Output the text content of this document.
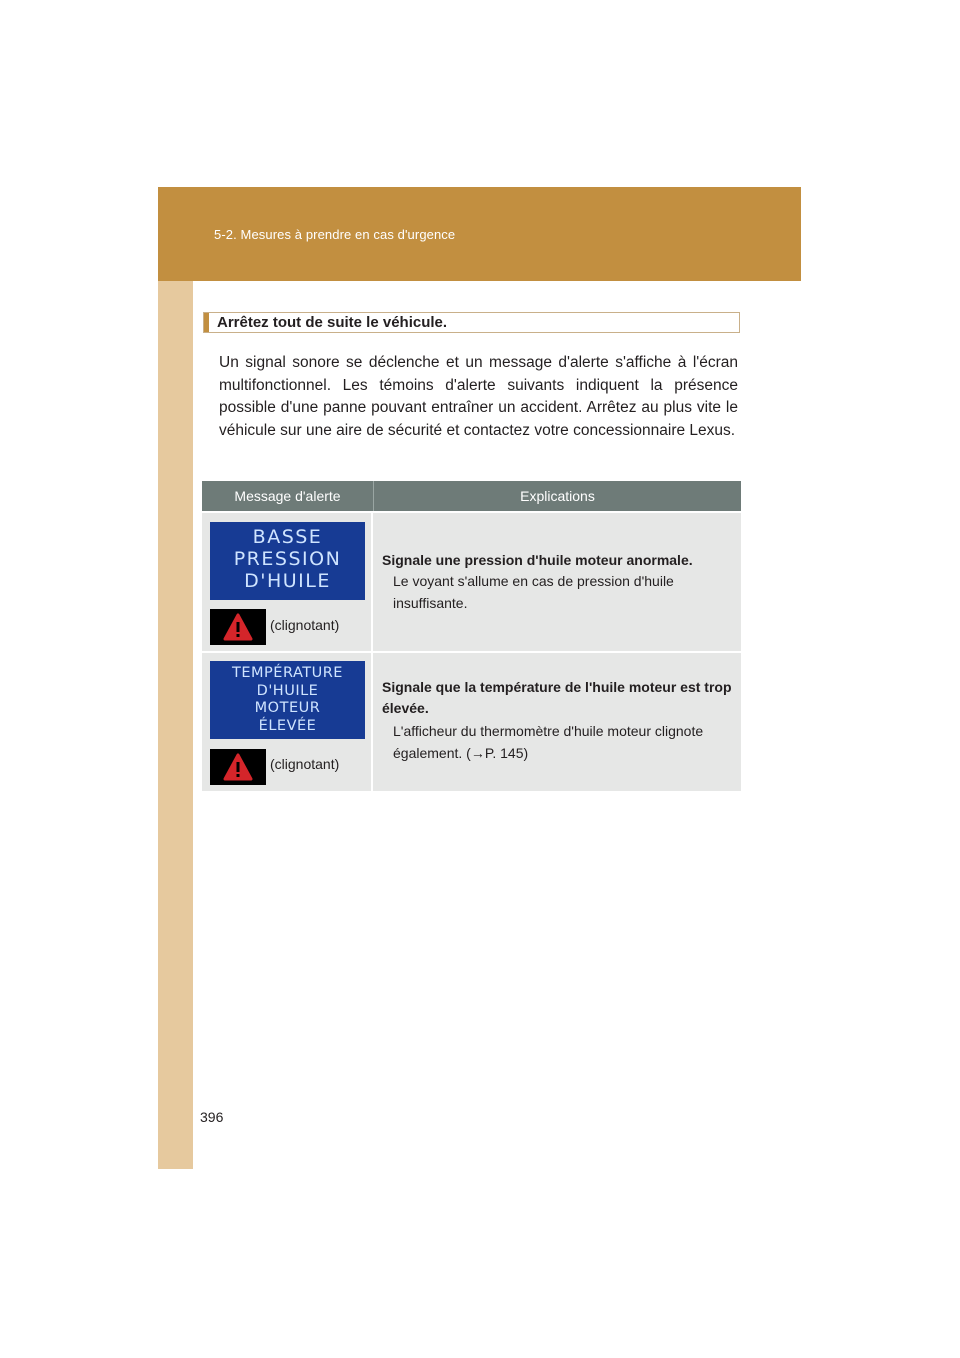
5-2. Mesures à prendre en cas d'urgence
396
Arrêtez tout de suite le véhicule.
Un signal sonore se déclenche et un message d'alerte s'affiche à l'écran multifonctionnel. Les témoins d'alerte suivants indiquent la présence possible d'une panne pouvant entraîner un accident. Arrêtez au plus vite le véhicule sur une aire de sécurité et contactez votre concessionnaire Lexus.
Message d'alerte	Explications
BASSE
PRESSION
D'HUILE
(clignotant)
Signale une pression d'huile moteur anormale.
Le voyant s'allume en cas de pression d'huile insuffisante.
TEMPÉRATURE
D'HUILE
MOTEUR
ÉLEVÉE
(clignotant)
Signale que la température de l'huile moteur est trop élevée.
L'afficheur du thermomètre d'huile moteur clignote également. (→P. 145)
